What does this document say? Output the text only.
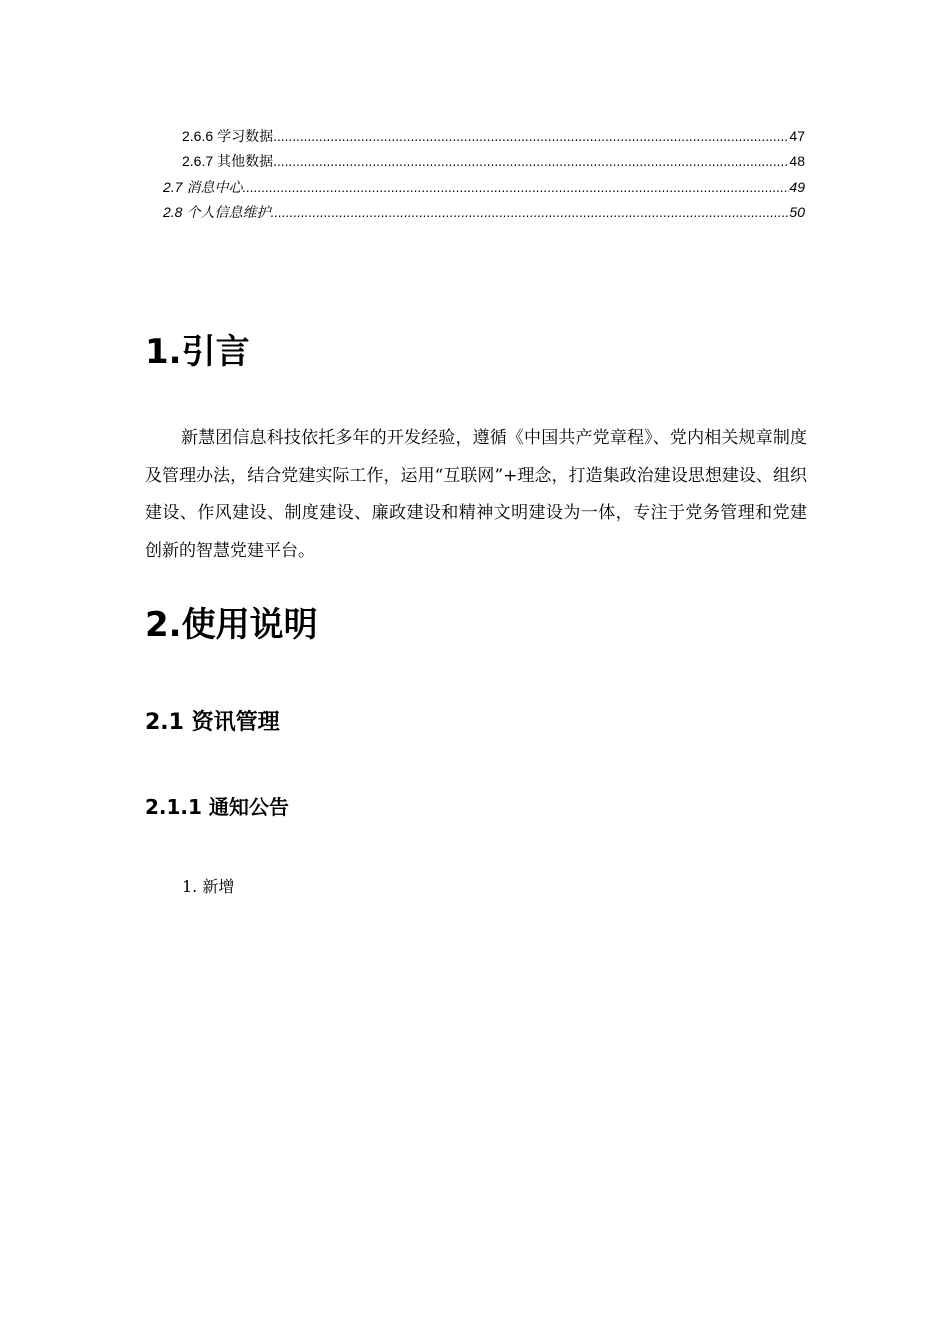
2.6.6 学习数据 .....	47
2.6.7 其他数据 .....	48
2.7 消息中心 .....	49
2.8 个人信息维护 .....	50
1.引言
新慧团信息科技依托多年的开发经验，遵循《中国共产党章程》、党内相关规章制度及管理办法，结合党建实际工作，运用“互联网”+理念，打造集政治建设思想建设、组织建设、作风建设、制度建设、廉政建设和精神文明建设为一体，专注于党务管理和党建创新的智慧党建平台。
2.使用说明
2.1 资讯管理
2.1.1 通知公告
1. 新增
